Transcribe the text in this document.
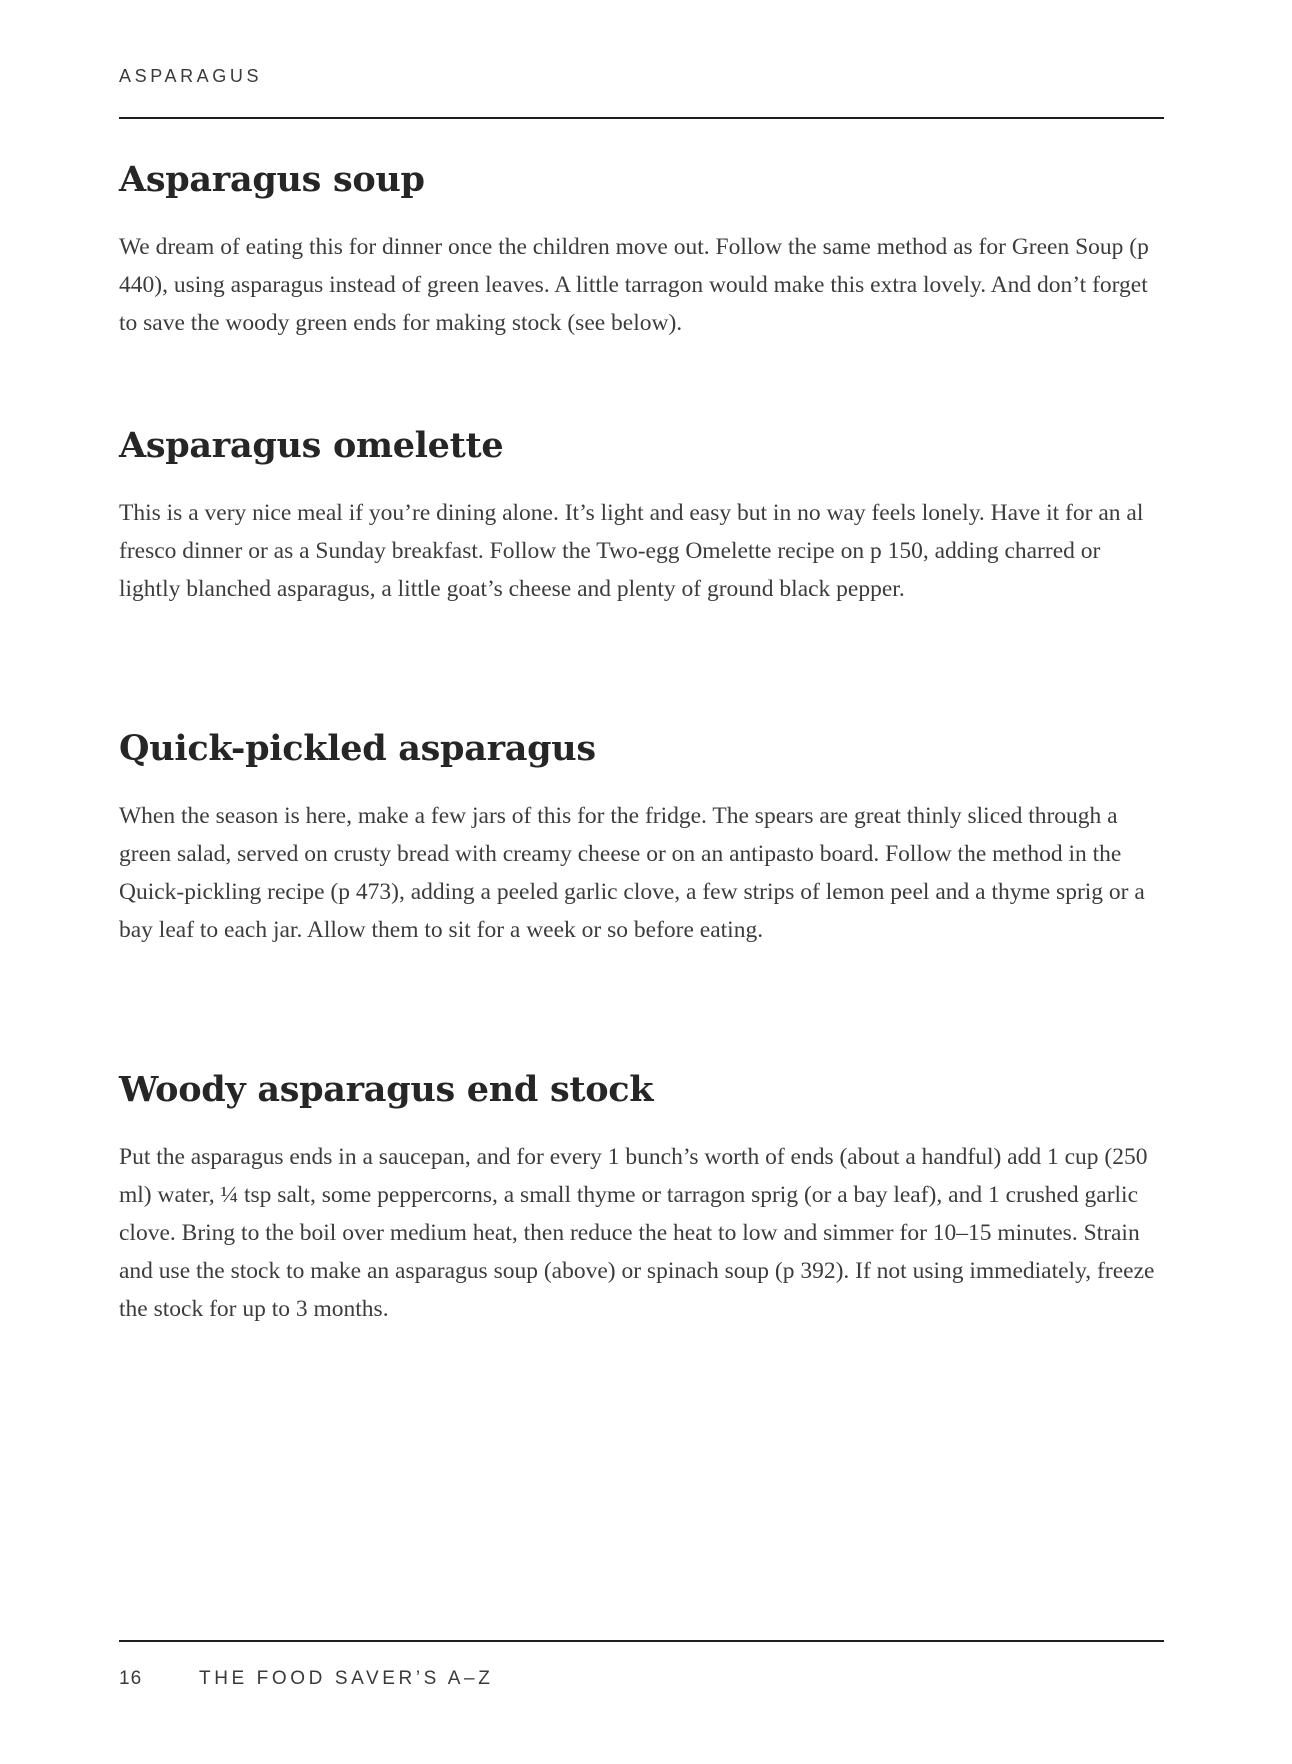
ASPARAGUS
Asparagus soup

We dream of eating this for dinner once the children move out. Follow the same method as for Green Soup (p 440), using asparagus instead of green leaves. A little tarragon would make this extra lovely. And don’t forget to save the woody green ends for making stock (see below).

Asparagus omelette

This is a very nice meal if you’re dining alone. It’s light and easy but in no way feels lonely. Have it for an al fresco dinner or as a Sunday breakfast. Follow the Two-egg Omelette recipe on p 150, adding charred or lightly blanched asparagus, a little goat’s cheese and plenty of ground black pepper.

Quick-pickled asparagus

When the season is here, make a few jars of this for the fridge. The spears are great thinly sliced through a green salad, served on crusty bread with creamy cheese or on an antipasto board. Follow the method in the Quick-pickling recipe (p 473), adding a peeled garlic clove, a few strips of lemon peel and a thyme sprig or a bay leaf to each jar. Allow them to sit for a week or so before eating.

Woody asparagus end stock

Put the asparagus ends in a saucepan, and for every 1 bunch’s worth of ends (about a handful) add 1 cup (250 ml) water, ¼ tsp salt, some peppercorns, a small thyme or tarragon sprig (or a bay leaf), and 1 crushed garlic clove. Bring to the boil over medium heat, then reduce the heat to low and simmer for 10–15 minutes. Strain and use the stock to make an asparagus soup (above) or spinach soup (p 392). If not using immediately, freeze the stock for up to 3 months.

16	THE FOOD SAVER’S A–Z
